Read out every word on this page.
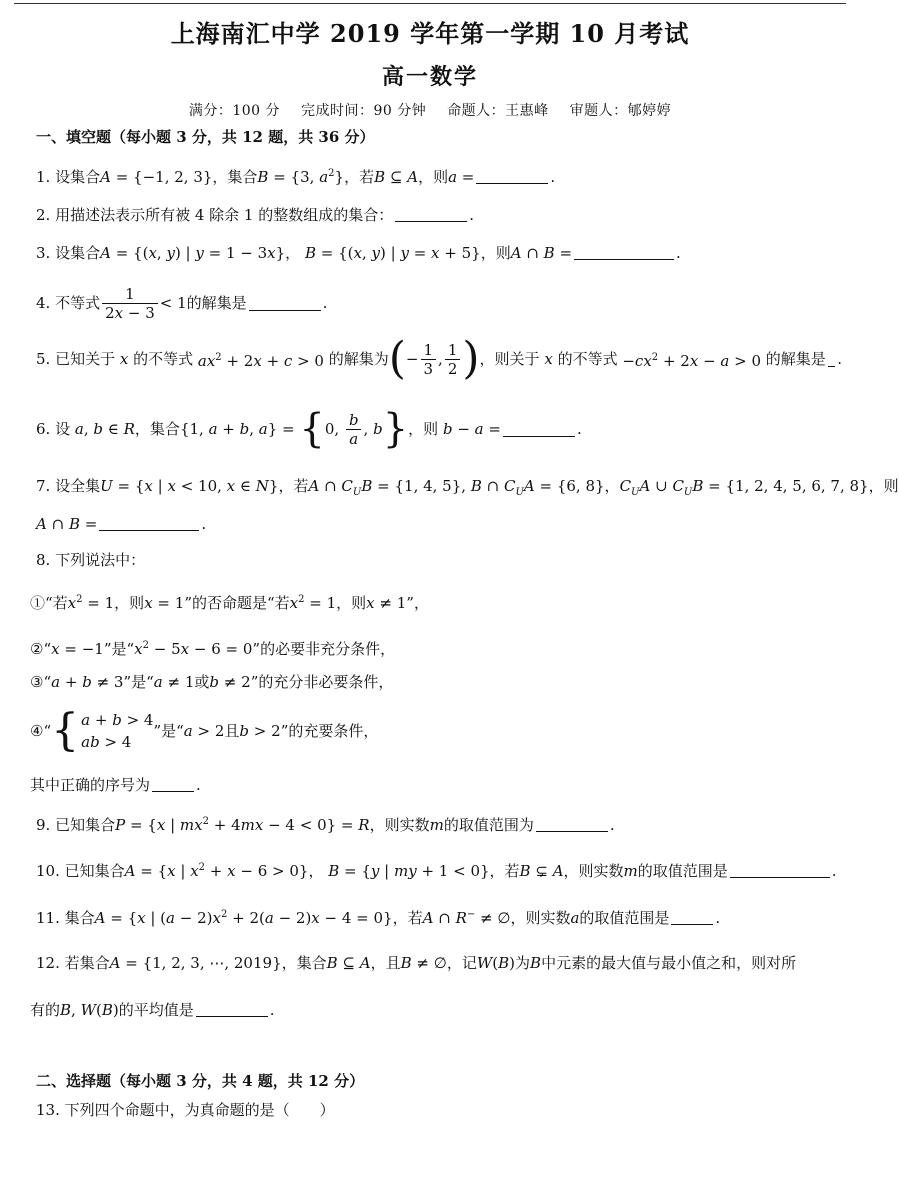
上海南汇中学 2019 学年第一学期 10 月考试
高一数学
满分：100 分 完成时间：90 分钟 命题人：王惠峰 审题人：郇婷婷
一、填空题（每小题 3 分，共 12 题，共 36 分）
1. 设集合A = {−1, 2, 3}，集合B = {3, $a^2$}，若B ⊆ A，则a =	.
2. 用描述法表示所有被 4 除余 1 的整数组成的集合：	.
3. 设集合A = {(x, y) | y = 1 − 3x}， B = {(x, y) | y = x + 5}，则A ∩ B =	.
4. 不等式 $\frac{1}{2x - 3} < 1$ 的解集是	.
5. 已知关于 x 的不等式 $ax^2 + 2x + c > 0$ 的解集为 ( − $\frac{1}{3}$ , $\frac{1}{2}$ ) ，则关于 x 的不等式 $-cx^2 + 2x - a > 0$ 的解集是 .
6. 设 a, b ∈ R ，集合 {1, a + b, a} = { 0, $\frac{b}{a}$ , b } ，则 b − a =	.
7. 设全集U = {x | x < 10, x ∈ N}，若A ∩ $C_UB = \{1$, 4, 5}, B ∩ $C_UA = \{6$, 8}，$C_UA$ ∪ $C_UB = \{1$, 2, 4, 5, 6, 7, 8}，则
A ∩ B =	.
8. 下列说法中：
①“若$x^2 = 1$，则x = 1”的否命题是“若$x^2 = 1$，则x ≠ 1”，
②“x = −1”是“$x^2 - 5x - 6 = 0$”的必要非充分条件，
③“a + b ≠ 3”是“a ≠ 1或b ≠ 2”的充分非必要条件，
④“ { a + b > 4
ab > 4
”是“ a > 2 且 b > 2 ”的充要条件，
其中正确的序号为	.
9. 已知集合P = {x | $mx^2 + 4mx - 4 < 0\} = R$，则实数m的取值范围为	.
10. 已知集合A = {x | $x^2 + x - 6 > 0$}， B = {y | my + 1 < 0}，若B ⊊ A，则实数m的取值范围是	.
11. 集合A = {x | $(a - 2)x^2 + 2(a - 2)x - 4 = 0$}，若A ∩ R− ≠ ∅，则实数a的取值范围是	.
12. 若集合A = {1, 2, 3, ⋯, 2019}，集合B ⊆ A，且B ≠ ∅，记W(B)为B中元素的最大值与最小值之和，则对所
有的B, W(B)的平均值是	.
二、选择题（每小题 3 分，共 4 题，共 12 分）
13. 下列四个命题中，为真命题的是（　　）
